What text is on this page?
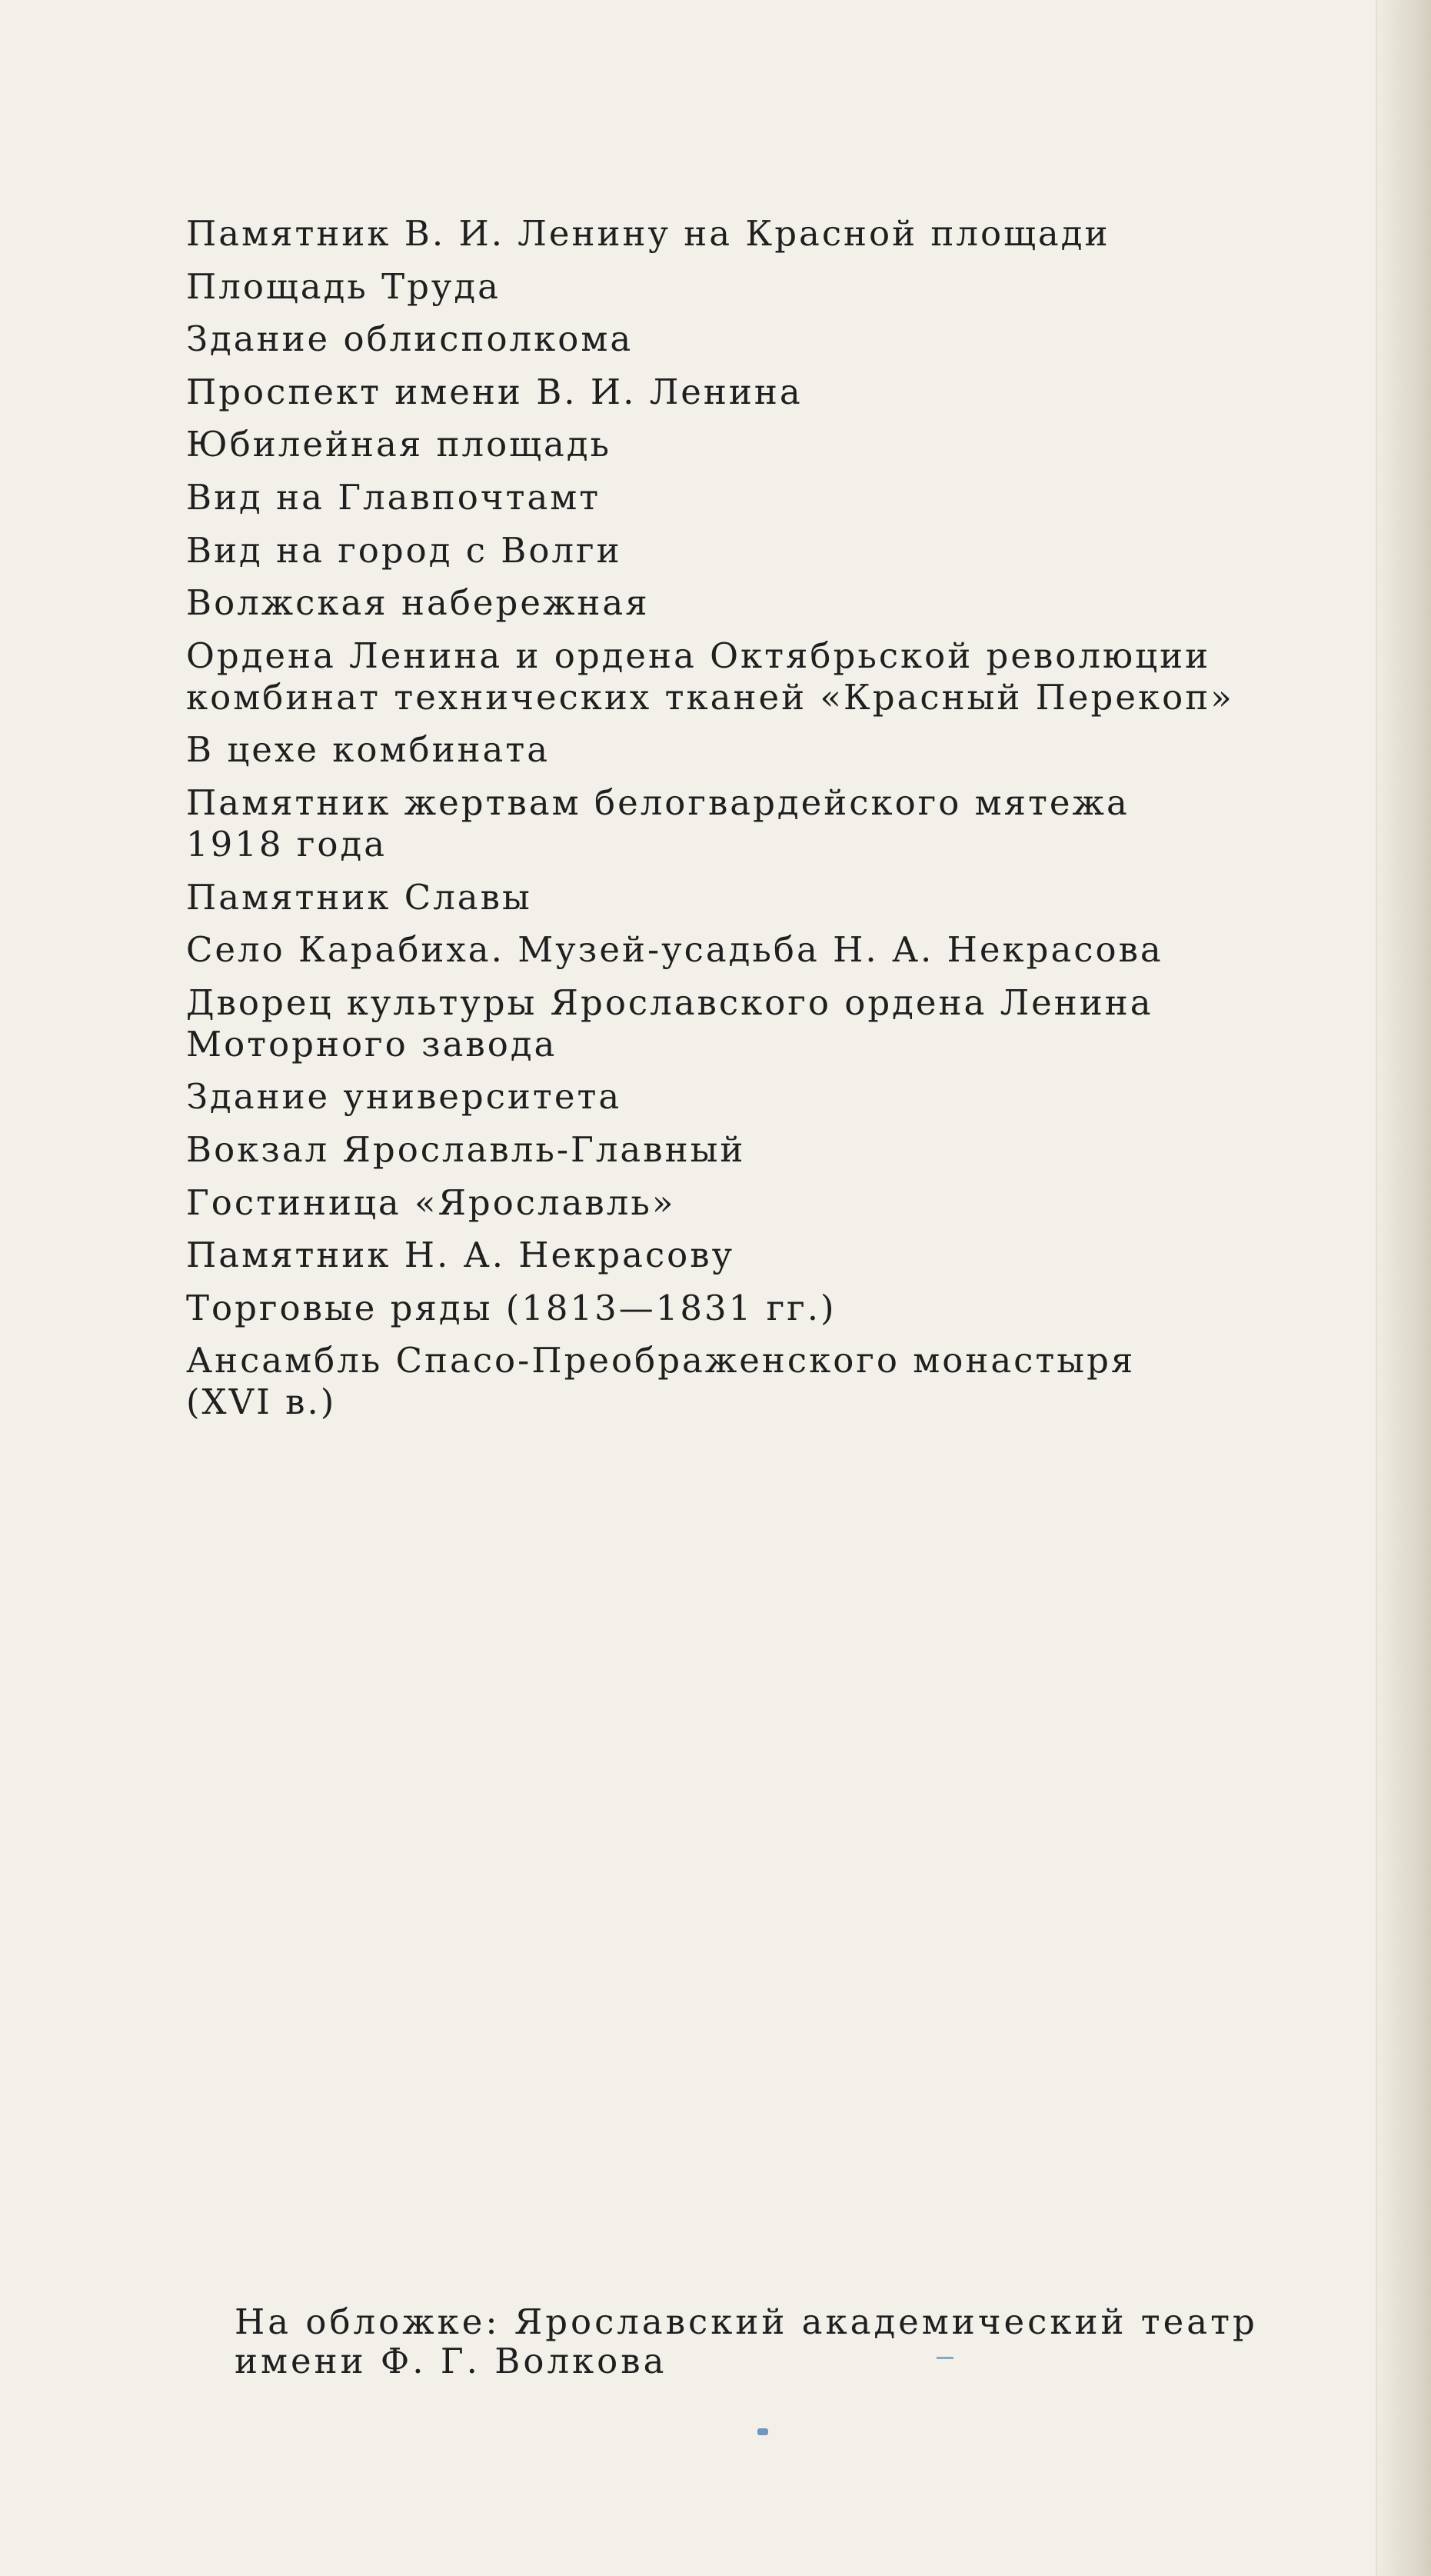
Памятник В. И. Ленину на Красной площади
Площадь Труда
Здание облисполкома
Проспект имени В. И. Ленина
Юбилейная площадь
Вид на Главпочтамт
Вид на город с Волги
Волжская набережная
Ордена Ленина и ордена Октябрьской революции
комбинат технических тканей «Красный Перекоп»
В цехе комбината
Памятник жертвам белогвардейского мятежа
1918 года
Памятник Славы
Село Карабиха. Музей-усадьба Н. А. Некрасова
Дворец культуры Ярославского ордена Ленина
Моторного завода
Здание университета
Вокзал Ярославль-Главный
Гостиница «Ярославль»
Памятник Н. А. Некрасову
Торговые ряды (1813—1831 гг.)
Ансамбль Спасо-Преображенского монастыря
(XVI в.)
На обложке: Ярославский академический театр
имени Ф. Г. Волкова
